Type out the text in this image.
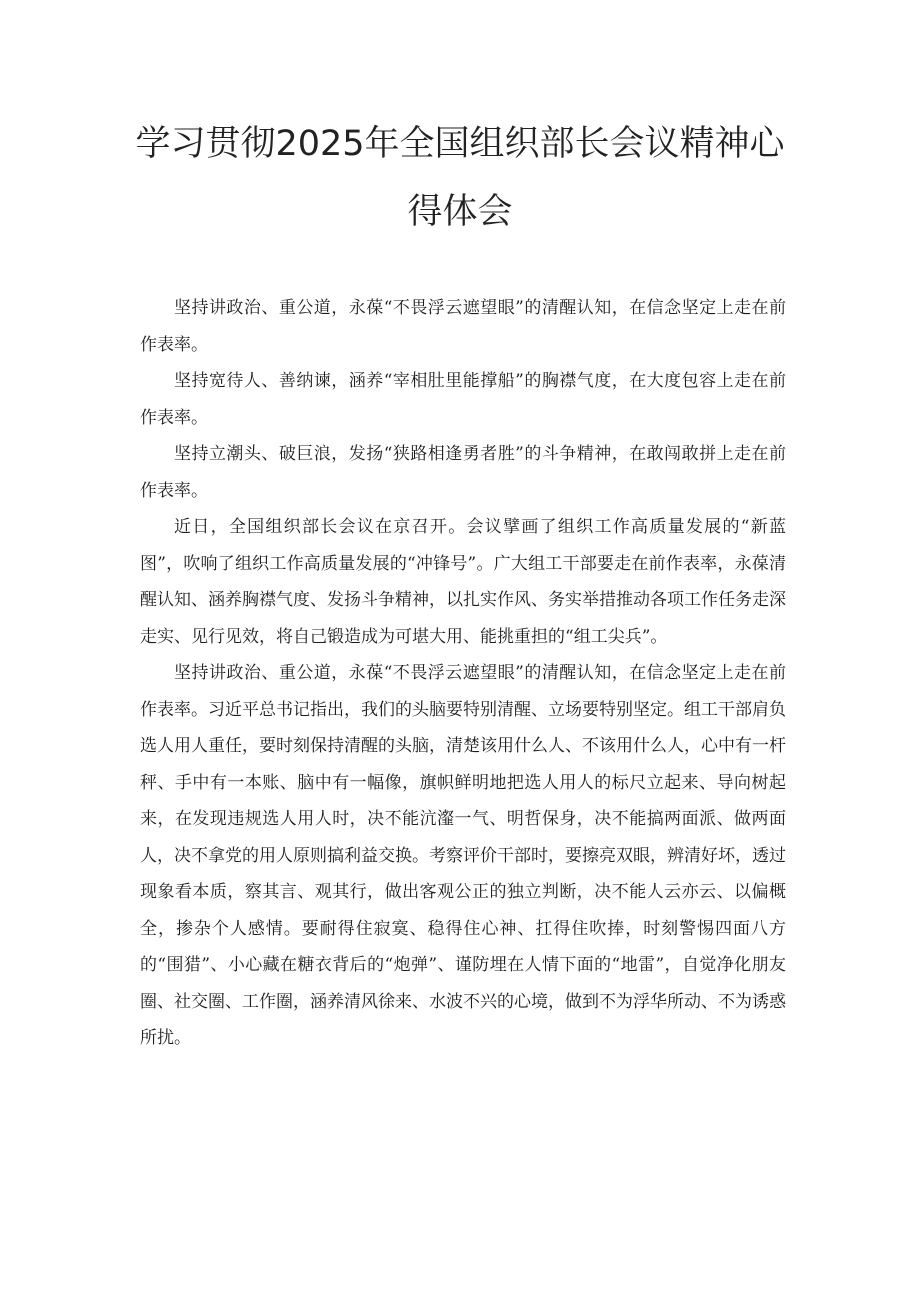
学习贯彻2025年全国组织部长会议精神心
得体会

坚持讲政治、重公道，永葆“不畏浮云遮望眼”的清醒认知，在信念坚定上走在前作表率。

坚持宽待人、善纳谏，涵养“宰相肚里能撑船”的胸襟气度，在大度包容上走在前作表率。

坚持立潮头、破巨浪，发扬“狭路相逢勇者胜”的斗争精神，在敢闯敢拼上走在前作表率。

近日，全国组织部长会议在京召开。会议擘画了组织工作高质量发展的“新蓝图”，吹响了组织工作高质量发展的“冲锋号”。广大组工干部要走在前作表率，永葆清醒认知、涵养胸襟气度、发扬斗争精神，以扎实作风、务实举措推动各项工作任务走深走实、见行见效，将自己锻造成为可堪大用、能挑重担的“组工尖兵”。

坚持讲政治、重公道，永葆“不畏浮云遮望眼”的清醒认知，在信念坚定上走在前作表率。习近平总书记指出，我们的头脑要特别清醒、立场要特别坚定。组工干部肩负选人用人重任，要时刻保持清醒的头脑，清楚该用什么人、不该用什么人，心中有一杆秤、手中有一本账、脑中有一幅像，旗帜鲜明地把选人用人的标尺立起来、导向树起来，在发现违规选人用人时，决不能沆瀣一气、明哲保身，决不能搞两面派、做两面人，决不拿党的用人原则搞利益交换。考察评价干部时，要擦亮双眼，辨清好坏，透过现象看本质，察其言、观其行，做出客观公正的独立判断，决不能人云亦云、以偏概全，掺杂个人感情。要耐得住寂寞、稳得住心神、扛得住吹捧，时刻警惕四面八方的“围猎”、小心藏在糖衣背后的“炮弹”、谨防埋在人情下面的“地雷”，自觉净化朋友圈、社交圈、工作圈，涵养清风徐来、水波不兴的心境，做到不为浮华所动、不为诱惑所扰。
